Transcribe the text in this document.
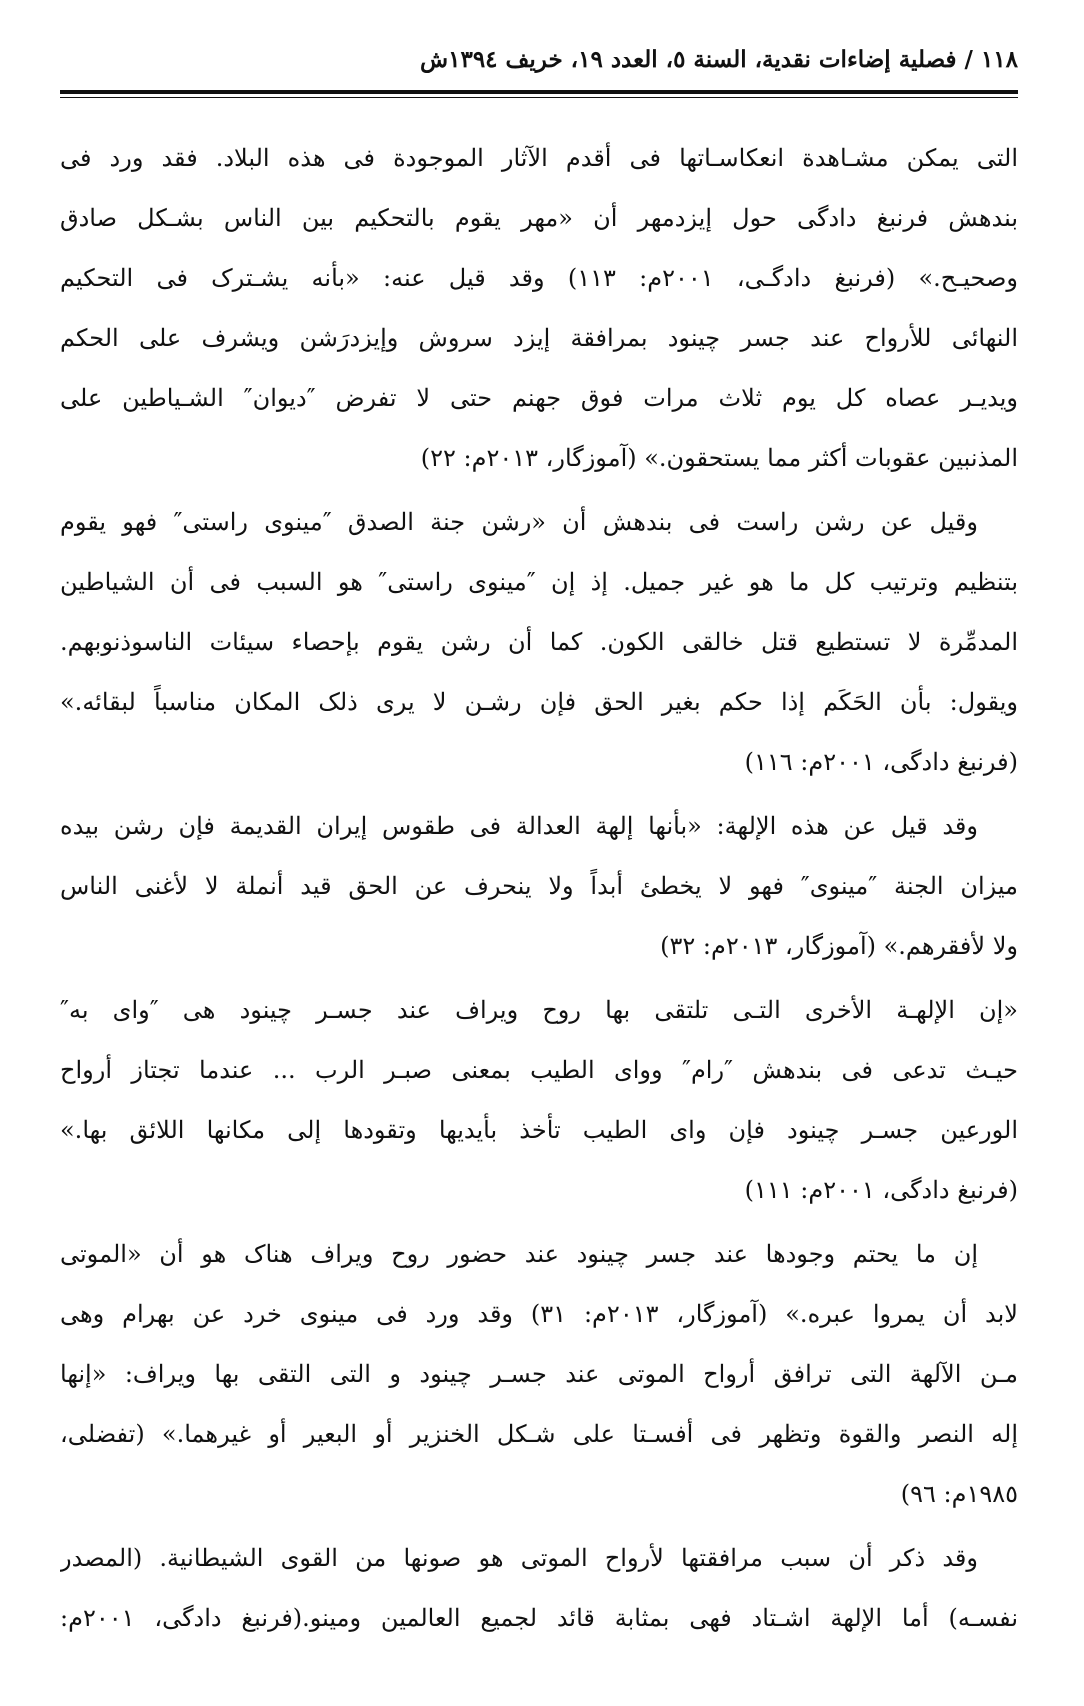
١١٨ / فصلية إضاءات نقدية، السنة ٥، العدد ١٩، خريف ١٣٩٤ش

التى يمكن مشـاهدة انعكاسـاتها فى أقدم الآثار الموجودة فى هذه البلاد. فقد ورد فى
بندهش فرنبغ دادگى حول إيزدمهر أن «مهر يقوم بالتحكيم بين الناس بشـكل صادق
وصحيـح.» (فرنبغ دادگـى، ٢٠٠١م: ١١٣) وقد قيل عنه: «بأنه يشـترک فى التحكيم
النهائى للأرواح عند جسر چينود بمرافقة إيزد سروش وإيزدرَشن ويشرف على الحكم
ويديـر عصاه كل يوم ثلاث مرات فوق جهنم حتى لا تفرض ″ديوان″ الشـياطين على
المذنبين عقوبات أكثر مما يستحقون.» (آموزگار، ٢٠١٣م: ٢٢)

وقيل عن رشن راست فى بندهش أن «رشن جنة الصدق ″مينوى راستى″ فهو يقوم
بتنظيم وترتيب كل ما هو غير جميل. إذ إن ″مينوى راستى″ هو السبب فى أن الشياطين
المدمِّرة لا تستطيع قتل خالقى الكون. كما أن رشن يقوم بإحصاء سيئات الناسوذنوبهم.
ويقول: بأن الحَكَم إذا حكم بغير الحق فإن رشـن لا يرى ذلک المكان مناسباً لبقائه.»
(فرنبغ دادگى، ٢٠٠١م: ١١٦)

وقد قيل عن هذه الإلهة: «بأنها إلهة العدالة فى طقوس إيران القديمة فإن رشن بيده
ميزان الجنة ″مينوى″ فهو لا يخطئ أبداً ولا ينحرف عن الحق قيد أنملة لا لأغنى الناس
ولا لأفقرهم.» (آموزگار، ٢٠١٣م: ٣٢)

«إن الإلهـة الأخرى التـى تلتقى بها روح ويراف عند جسـر چينود هى ″واى به″
حيـث تدعى فى بندهش ″رام″ وواى الطيب بمعنى صبـر الرب ... عندما تجتاز أرواح
الورعين جسـر چينود فإن واى الطيب تأخذ بأيديها وتقودها إلى مكانها اللائق بها.»
(فرنبغ دادگى، ٢٠٠١م: ١١١)

إن ما يحتم وجودها عند جسر چينود عند حضور روح ويراف هناک هو أن «الموتى
لابد أن يمروا عبره.» (آموزگار، ٢٠١٣م: ٣١) وقد ورد فى مينوى خرد عن بهرام وهى
مـن الآلهة التى ترافق أرواح الموتى عند جسـر چينود و التى التقى بها ويراف: «إنها
إله النصر والقوة وتظهر فى أفسـتا على شـكل الخنزير أو البعير أو غيرهما.» (تفضلى،
١٩٨٥م: ٩٦)

وقد ذكر أن سبب مرافقتها لأرواح الموتى هو صونها من القوى الشيطانية. (المصدر
نفسـه) أما الإلهة اشـتاد فهى بمثابة قائد لجميع العالمين ومينو.(فرنبغ دادگى، ٢٠٠١م:
